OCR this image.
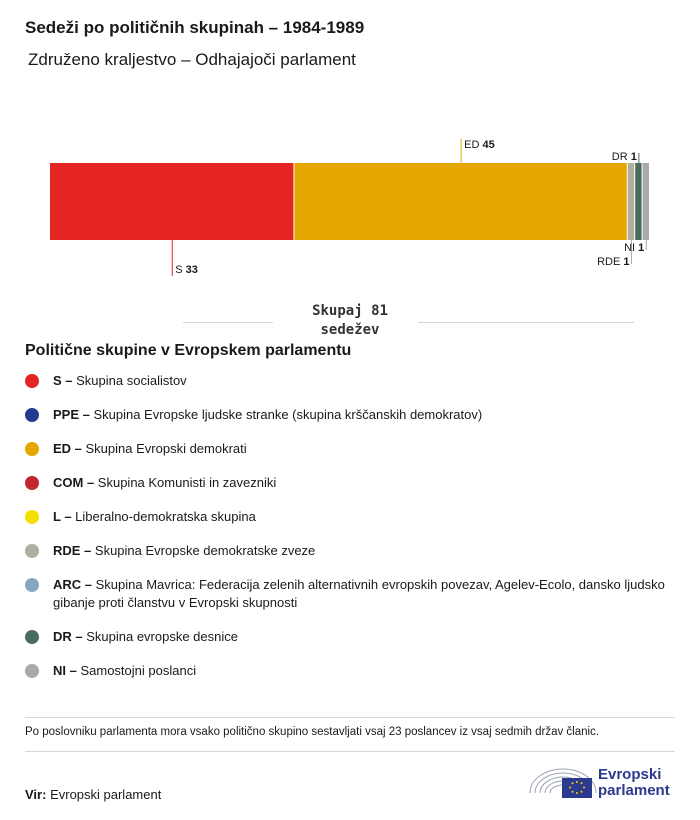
Sedeži po političnih skupinah – 1984-1989
Združeno kraljestvo – Odhajajoči parlament
ED 45
DR 1
S 33
RDE 1
NI 1
Skupaj 81 sedežev
Politične skupine v Evropskem parlamentu
S – Skupina socialistov
PPE – Skupina Evropske ljudske stranke (skupina krščanskih demokratov)
ED – Skupina Evropski demokrati
COM – Skupina Komunisti in zavezniki
L – Liberalno-demokratska skupina
RDE – Skupina Evropske demokratske zveze
ARC – Skupina Mavrica: Federacija zelenih alternativnih evropskih povezav, Agelev-Ecolo, dansko ljudsko gibanje proti članstvu v Evropski skupnosti
DR – Skupina evropske desnice
NI – Samostojni poslanci
Po poslovniku parlamenta mora vsako politično skupino sestavljati vsaj 23 poslancev iz vsaj sedmih držav članic.
Vir: Evropski parlament
Evropski
parlament
